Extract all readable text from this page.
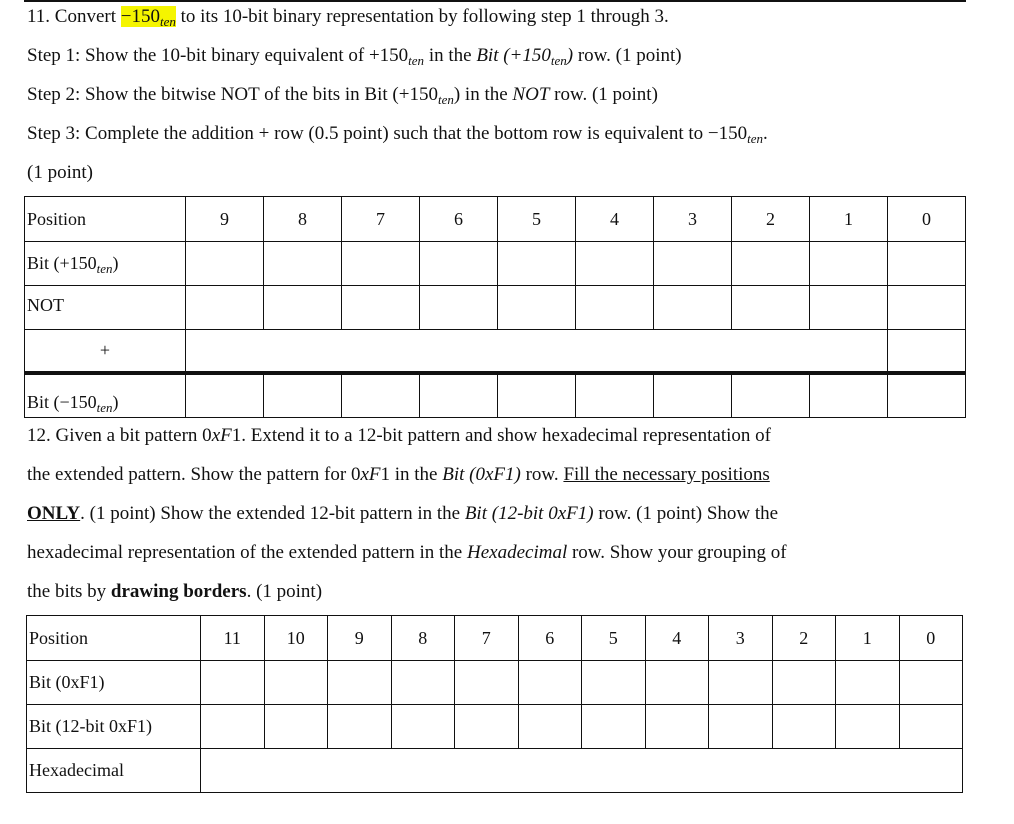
11. Convert $-150_{ten}$ to its 10-bit binary representation by following step 1 through 3.
Step 1: Show the 10-bit binary equivalent of $+150_{ten}$ in the Bit $(+150_{ten})$ row. (1 point)
Step 2: Show the bitwise NOT of the bits in Bit $(+150_{ten})$ in the NOT row. (1 point)
Step 3: Complete the addition + row (0.5 point) such that the bottom row is equivalent to $-150_{ten}$.
(1 point)
Position	9	8	7	6	5	4	3	2	1	0
Bit $(+150_{ten})$										
NOT										
+										
Bit $(-150_{ten})$										
12. Given a bit pattern 0xF1. Extend it to a 12-bit pattern and show hexadecimal representation of
the extended pattern. Show the pattern for 0xF1 in the Bit (0xF1) row. Fill the necessary positions
ONLY. (1 point) Show the extended 12-bit pattern in the Bit (12-bit 0xF1) row. (1 point) Show the
hexadecimal representation of the extended pattern in the Hexadecimal row. Show your grouping of
the bits by drawing borders. (1 point)
Position	11	10	9	8	7	6	5	4	3	2	1	0
Bit (0xF1)												
Bit (12-bit 0xF1)												
Hexadecimal												
